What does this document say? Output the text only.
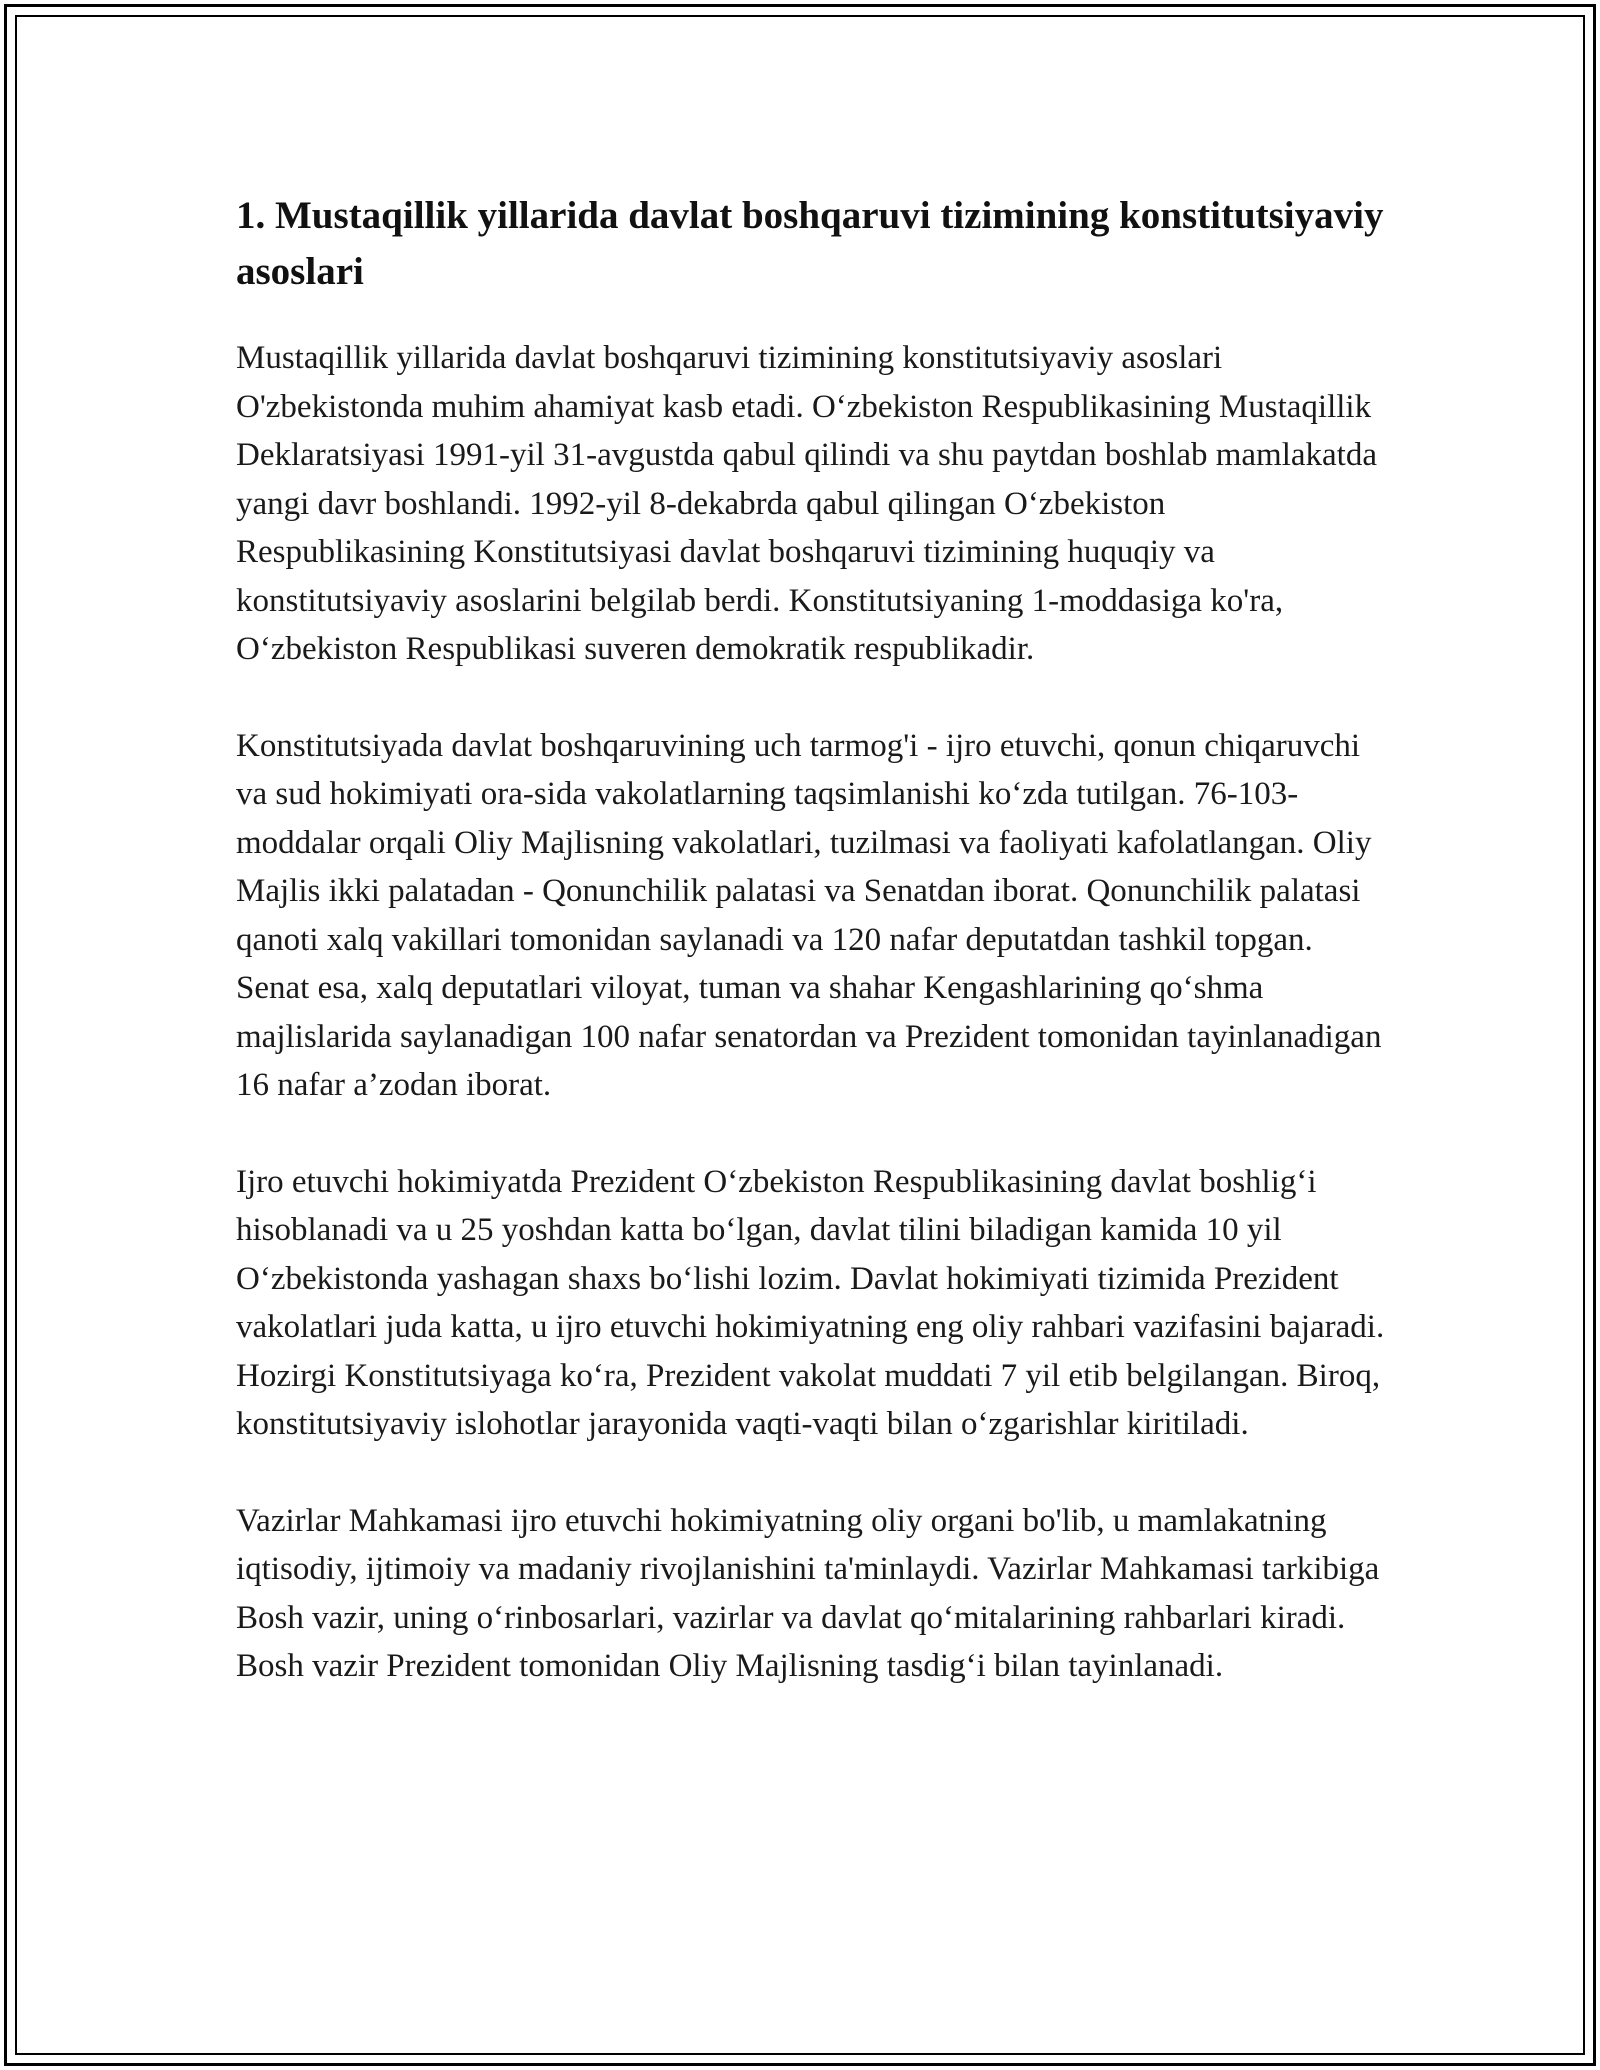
1. Mustaqillik yillarida davlat boshqaruvi tizimining konstitutsiyaviy asoslari

Mustaqillik yillarida davlat boshqaruvi tizimining konstitutsiyaviy asoslari O'zbekistonda muhim ahamiyat kasb etadi. O‘zbekiston Respublikasining Mustaqillik Deklaratsiyasi 1991-yil 31-avgustda qabul qilindi va shu paytdan boshlab mamlakatda yangi davr boshlandi. 1992-yil 8-dekabrda qabul qilingan O‘zbekiston Respublikasining Konstitutsiyasi davlat boshqaruvi tizimining huquqiy va konstitutsiyaviy asoslarini belgilab berdi. Konstitutsiyaning 1-moddasiga ko'ra, O‘zbekiston Respublikasi suveren demokratik respublikadir.

Konstitutsiyada davlat boshqaruvining uch tarmog'i - ijro etuvchi, qonun chiqaruvchi va sud hokimiyati ora-sida vakolatlarning taqsimlanishi ko‘zda tutilgan. 76-103-moddalar orqali Oliy Majlisning vakolatlari, tuzilmasi va faoliyati kafolatlangan. Oliy Majlis ikki palatadan - Qonunchilik palatasi va Senatdan iborat. Qonunchilik palatasi qanoti xalq vakillari tomonidan saylanadi va 120 nafar deputatdan tashkil topgan. Senat esa, xalq deputatlari viloyat, tuman va shahar Kengashlarining qo‘shma majlislarida saylanadigan 100 nafar senatordan va Prezident tomonidan tayinlanadigan 16 nafar a’zodan iborat.

Ijro etuvchi hokimiyatda Prezident O‘zbekiston Respublikasining davlat boshlig‘i hisoblanadi va u 25 yoshdan katta bo‘lgan, davlat tilini biladigan kamida 10 yil O‘zbekistonda yashagan shaxs bo‘lishi lozim. Davlat hokimiyati tizimida Prezident vakolatlari juda katta, u ijro etuvchi hokimiyatning eng oliy rahbari vazifasini bajaradi. Hozirgi Konstitutsiyaga ko‘ra, Prezident vakolat muddati 7 yil etib belgilangan. Biroq, konstitutsiyaviy islohotlar jarayonida vaqti-vaqti bilan o‘zgarishlar kiritiladi.

Vazirlar Mahkamasi ijro etuvchi hokimiyatning oliy organi bo'lib, u mamlakatning iqtisodiy, ijtimoiy va madaniy rivojlanishini ta'minlaydi. Vazirlar Mahkamasi tarkibiga Bosh vazir, uning o‘rinbosarlari, vazirlar va davlat qo‘mitalarining rahbarlari kiradi. Bosh vazir Prezident tomonidan Oliy Majlisning tasdig‘i bilan tayinlanadi.
